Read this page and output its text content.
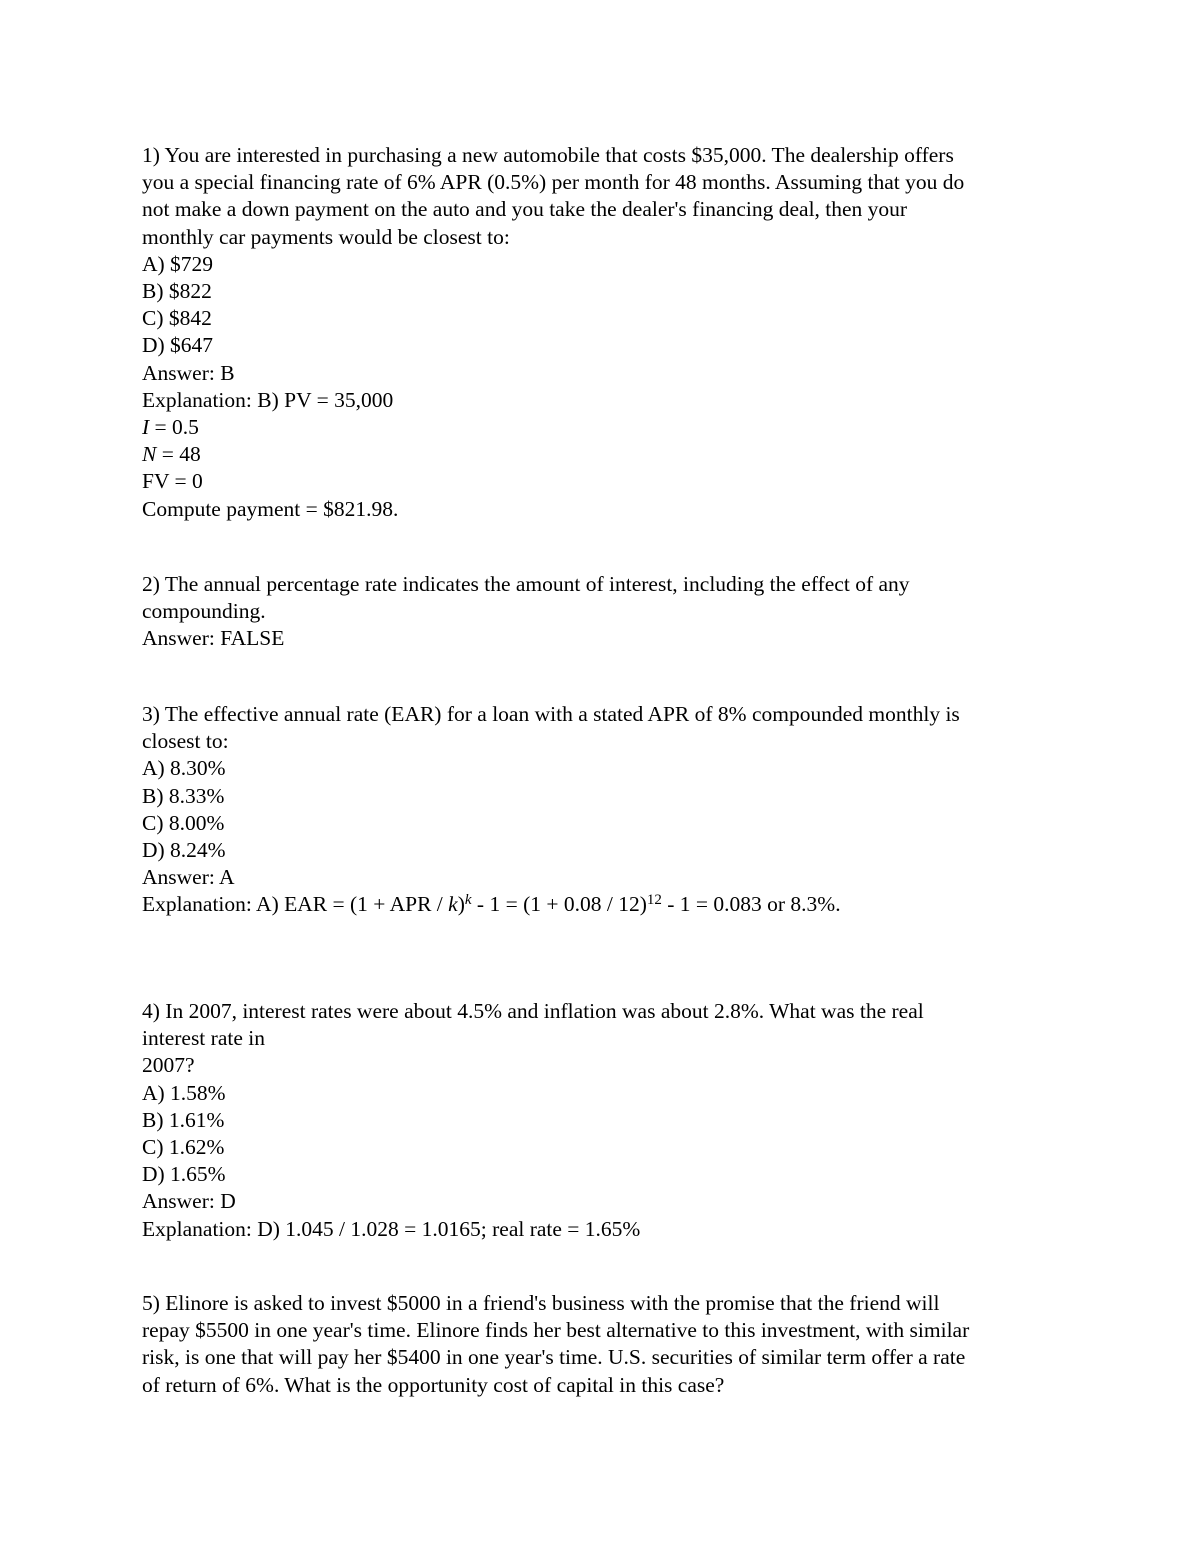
1) You are interested in purchasing a new automobile that costs $35,000. The dealership offers
you a special financing rate of 6% APR (0.5%) per month for 48 months. Assuming that you do
not make a down payment on the auto and you take the dealer's financing deal, then your
monthly car payments would be closest to:
A) $729
B) $822
C) $842
D) $647
Answer: B
Explanation: B) PV = 35,000
I = 0.5
N = 48
FV = 0
Compute payment = $821.98.
2) The annual percentage rate indicates the amount of interest, including the effect of any
compounding.
Answer: FALSE
3) The effective annual rate (EAR) for a loan with a stated APR of 8% compounded monthly is
closest to:
A) 8.30%
B) 8.33%
C) 8.00%
D) 8.24%
Answer: A
Explanation: A) EAR = (1 + APR / $k)^k - 1 = (1 + 0.08 / 12)^{12} - 1 = 0.083$ or 8.3%.
4) In 2007, interest rates were about 4.5% and inflation was about 2.8%. What was the real
interest rate in
2007?
A) 1.58%
B) 1.61%
C) 1.62%
D) 1.65%
Answer: D
Explanation: D) 1.045 / 1.028 = 1.0165; real rate = 1.65%
5) Elinore is asked to invest $5000 in a friend's business with the promise that the friend will
repay $5500 in one year's time. Elinore finds her best alternative to this investment, with similar
risk, is one that will pay her $5400 in one year's time. U.S. securities of similar term offer a rate
of return of 6%. What is the opportunity cost of capital in this case?
